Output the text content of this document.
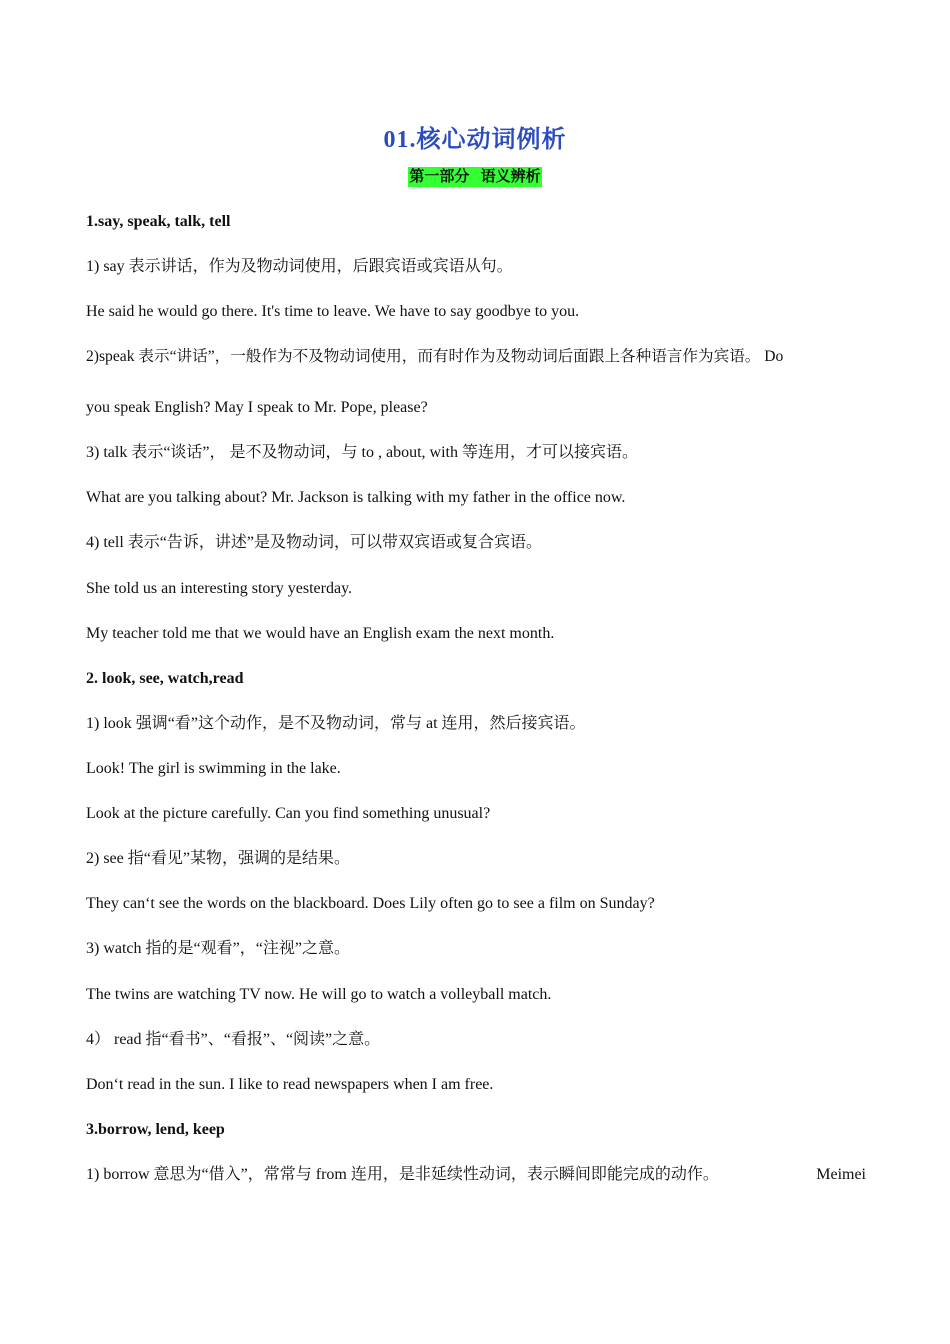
01.核心动词例析
第一部分   语义辨析
1.say, speak, talk, tell
1) say 表示讲话，作为及物动词使用，后跟宾语或宾语从句。
He said he would go there. It's time to leave. We have to say goodbye to you.
2)speak 表示“讲话”，一般作为不及物动词使用，而有时作为及物动词后面跟上各种语言作为宾语。 Do
you speak English? May I speak to Mr. Pope, please?
3) talk 表示“谈话”， 是不及物动词，与 to , about, with 等连用，才可以接宾语。
What are you talking about? Mr. Jackson is talking with my father in the office now.
4) tell 表示“告诉，讲述”是及物动词，可以带双宾语或复合宾语。
She told us an interesting story yesterday.
My teacher told me that we would have an English exam the next month.
2. look, see, watch,read
1) look 强调“看”这个动作，是不及物动词，常与 at 连用，然后接宾语。
Look! The girl is swimming in the lake.
Look at the picture carefully. Can you find something unusual?
2) see 指“看见”某物，强调的是结果。
They can‘t see the words on the blackboard. Does Lily often go to see a film on Sunday?
3) watch 指的是“观看”，“注视”之意。
The twins are watching TV now. He will go to watch a volleyball match.
4） read 指“看书”、“看报”、“阅读”之意。
Don‘t read in the sun. I like to read newspapers when I am free.
3.borrow, lend, keep
1) borrow 意思为“借入”，常常与 from 连用，是非延续性动词，表示瞬间即能完成的动作。	Meimei
